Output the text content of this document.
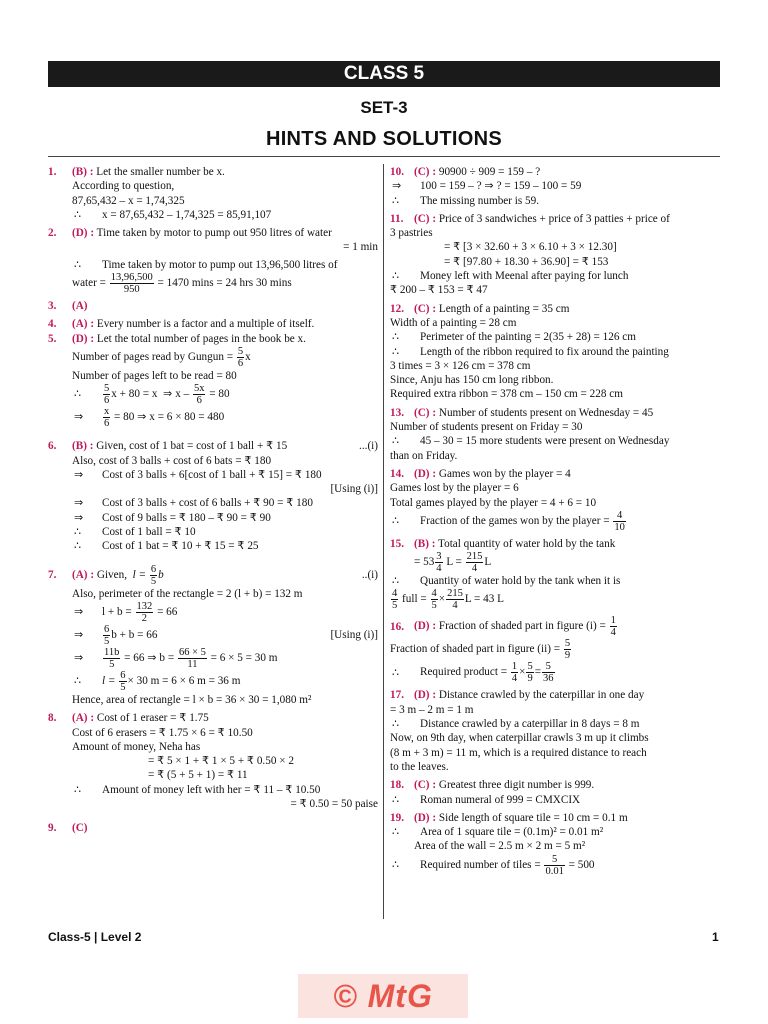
CLASS 5
SET-3
HINTS AND SOLUTIONS
1. (B) : Let the smaller number be x.
According to question,
87,65,432 – x = 1,74,325
∴ x = 87,65,432 – 1,74,325 = 85,91,107
2. (D) : Time taken by motor to pump out 950 litres of water
= 1 min
∴ Time taken by motor to pump out 13,96,500 litres of
water = $\frac{13,96,500}{950} = 1470$ mins = 24 hrs 30 mins
3. (A)
4. (A) : Every number is a factor and a multiple of itself.
5. (D) : Let the total number of pages in the book be x.
Number of pages read by Gungun = $\frac{5}{6}$ x
Number of pages left to be read = 80
∴ $\frac{5}{6}$ x + 80 = x ⇒ $x - \frac{5x}{6} = 80$
⇒ $\frac{x}{6} = 80$ ⇒ x = 6 × 80 = 480
6. (B) : Given, cost of 1 bat = cost of 1 ball + ₹ 15	...(i)
Also, cost of 3 balls + cost of 6 bats = ₹ 180
⇒ Cost of 3 balls + 6[cost of 1 ball + ₹ 15] = ₹ 180
[Using (i)]
⇒ Cost of 3 balls + cost of 6 balls + ₹ 90 = ₹ 180
⇒ Cost of 9 balls = ₹ 180 – ₹ 90 = ₹ 90
∴ Cost of 1 ball = ₹ 10
∴ Cost of 1 bat = ₹ 10 + ₹ 15 = ₹ 25
7. (A) : Given, $l = \frac{6}{5}$ b	..(i)
Also, perimeter of the rectangle = 2 (l + b) = 132 m
⇒ $l + b = \frac{132}{2} = 66$
⇒ $\frac{6}{5}$ b + b = 66	[Using (i)]
⇒ $\frac{11b}{5} = 66$ ⇒ $b = \frac{66 \times 5}{11} = 6 \times 5 = 30$ m
∴ $l = \frac{6}{5} \times 30$ m = 6 × 6 m = 36 m
Hence, area of rectangle = l × b = 36 × 30 = 1,080 m²
8. (A) : Cost of 1 eraser = ₹ 1.75
Cost of 6 erasers = ₹ 1.75 × 6 = ₹ 10.50
Amount of money, Neha has
= ₹ 5 × 1 + ₹ 1 × 5 + ₹ 0.50 × 2
= ₹ (5 + 5 + 1) = ₹ 11
∴ Amount of money left with her = ₹ 11 – ₹ 10.50
= ₹ 0.50 = 50 paise
9. (C)
10. (C) : 90900 ÷ 909 = 159 – ?
⇒ 100 = 159 – ? ⇒ ? = 159 – 100 = 59
∴ The missing number is 59.
11. (C) : Price of 3 sandwiches + price of 3 patties + price of
3 pastries
= ₹ [3 × 32.60 + 3 × 6.10 + 3 × 12.30]
= ₹ [97.80 + 18.30 + 36.90] = ₹ 153
∴ Money left with Meenal after paying for lunch
₹ 200 – ₹ 153 = ₹ 47
12. (C) : Length of a painting = 35 cm
Width of a painting = 28 cm
∴ Perimeter of the painting = 2(35 + 28) = 126 cm
∴ Length of the ribbon required to fix around the painting
3 times = 3 × 126 cm = 378 cm
Since, Anju has 150 cm long ribbon.
Required extra ribbon = 378 cm – 150 cm = 228 cm
13. (C) : Number of students present on Wednesday = 45
Number of students present on Friday = 30
∴ 45 – 30 = 15 more students were present on Wednesday
than on Friday.
14. (D) : Games won by the player = 4
Games lost by the player = 6
Total games played by the player = 4 + 6 = 10
∴ Fraction of the games won by the player = $\frac{4}{10}$
15. (B) : Total quantity of water hold by the tank
= $53 \frac{3}{4}$ $L = \frac{215}{4}$ L
∴ Quantity of water hold by the tank when it is
$\frac{4}{5}$ full = $\frac{4}{5} \times \frac{215}{4}$ L = 43 L
16. (D) : Fraction of shaded part in figure $(i) = \frac{1}{4}$
Fraction of shaded part in figure $(ii) = \frac{5}{9}$
∴ Required product = $\frac{1}{4} \times \frac{5}{9} = \frac{5}{36}$
17. (D) : Distance crawled by the caterpillar in one day
= 3 m – 2 m = 1 m
∴ Distance crawled by a caterpillar in 8 days = 8 m
Now, on 9th day, when caterpillar crawls 3 m up it climbs
(8 m + 3 m) = 11 m, which is a required distance to reach
to the leaves.
18. (C) : Greatest three digit number is 999.
∴ Roman numeral of 999 = CMXCIX
19. (D) : Side length of square tile = 10 cm = 0.1 m
∴ Area of 1 square tile = (0.1m)² = 0.01 m²
Area of the wall = 2.5 m × 2 m = 5 m²
∴ Required number of tiles = $\frac{5}{0.01} = 500$
Class-5 | Level 2	1
© MtG
